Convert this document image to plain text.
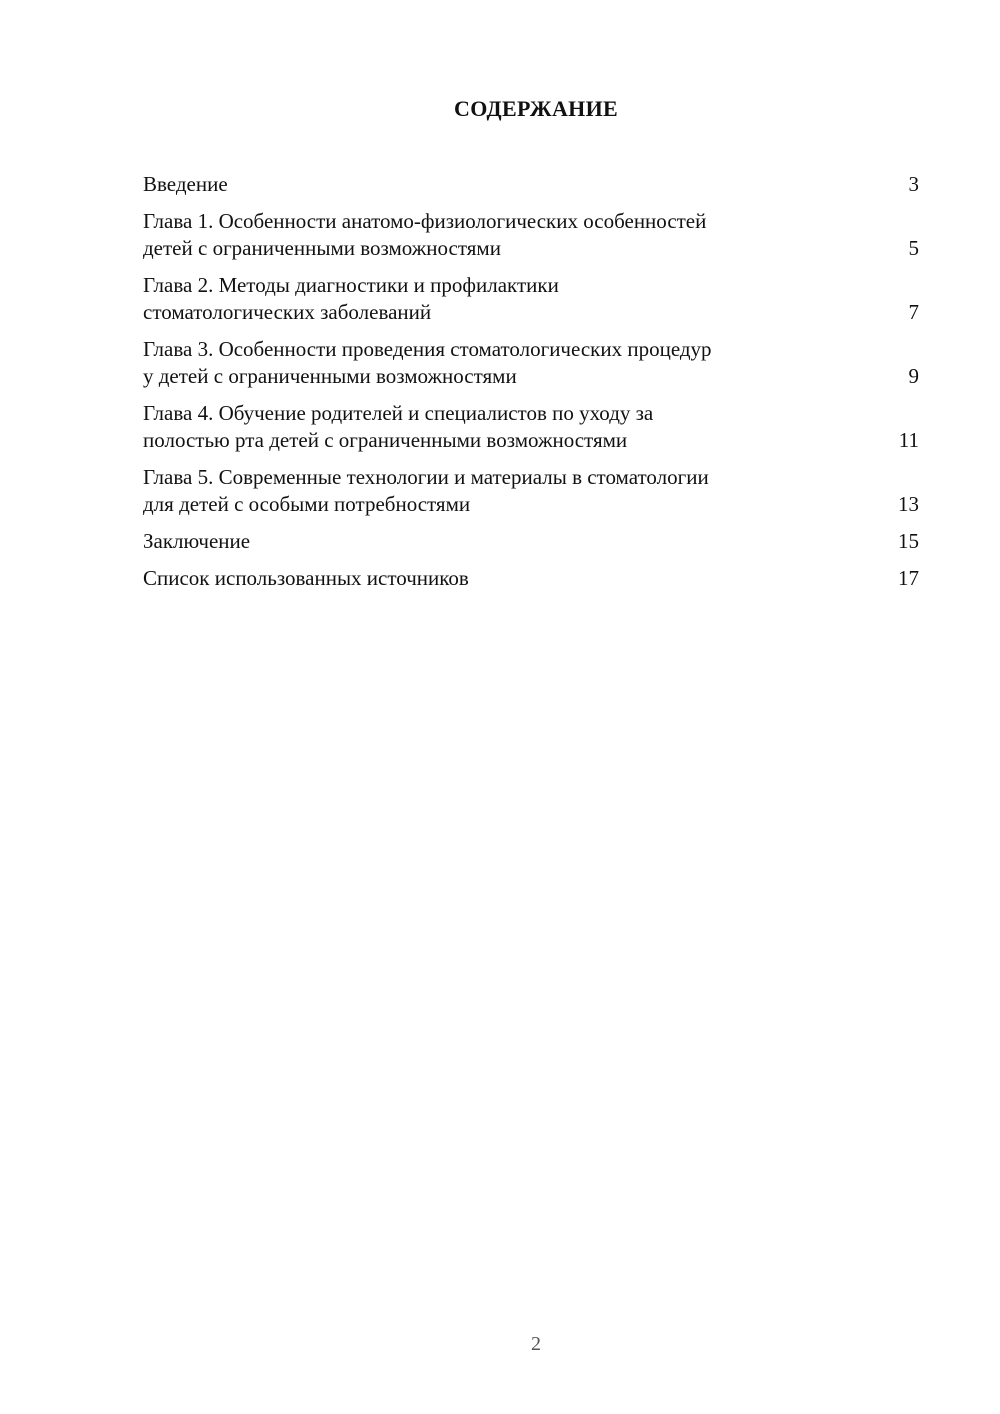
СОДЕРЖАНИЕ
Введение	3
Глава 1. Особенности анатомо-физиологических особенностей
детей с ограниченными возможностями	5
Глава 2. Методы диагностики и профилактики
стоматологических заболеваний	7
Глава 3. Особенности проведения стоматологических процедур
у детей с ограниченными возможностями	9
Глава 4. Обучение родителей и специалистов по уходу за
полостью рта детей с ограниченными возможностями	11
Глава 5. Современные технологии и материалы в стоматологии
для детей с особыми потребностями	13
Заключение	15
Список использованных источников	17
2
